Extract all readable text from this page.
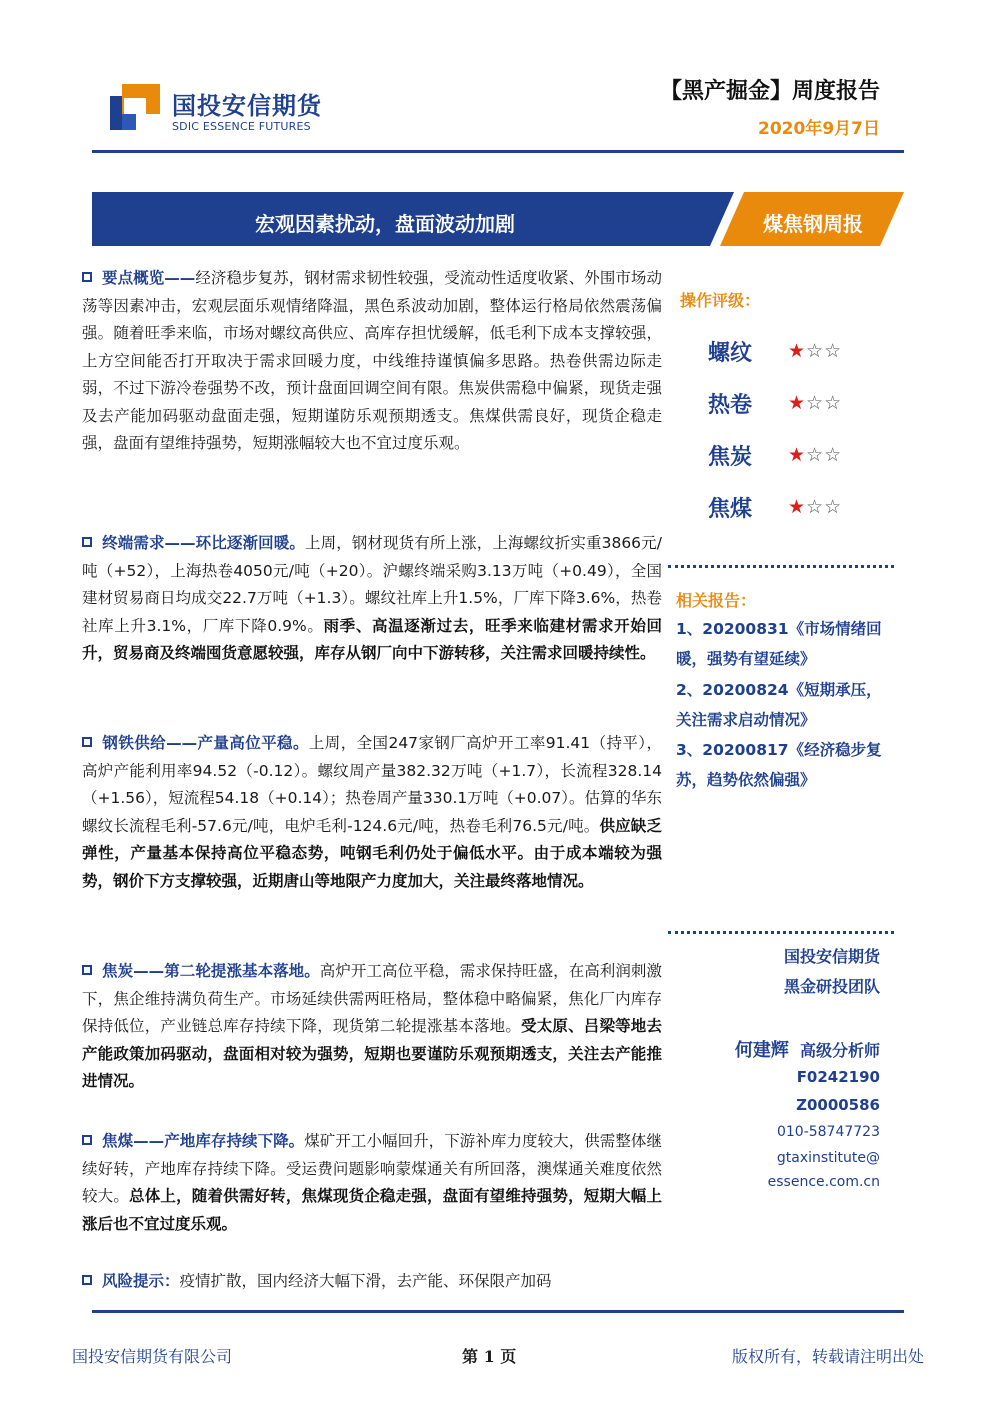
国投安信期货
SDIC ESSENCE FUTURES
【黑产掘金】周度报告
2020年9月7日
宏观因素扰动，盘面波动加剧	煤焦钢周报
要点概览——经济稳步复苏，钢材需求韧性较强，受流动性适度收紧、外围市场动荡等因素冲击，宏观层面乐观情绪降温，黑色系波动加剧，整体运行格局依然震荡偏强。随着旺季来临，市场对螺纹高供应、高库存担忧缓解，低毛利下成本支撑较强，上方空间能否打开取决于需求回暖力度，中线维持谨慎偏多思路。热卷供需边际走弱，不过下游冷卷强势不改，预计盘面回调空间有限。焦炭供需稳中偏紧，现货走强及去产能加码驱动盘面走强，短期谨防乐观预期透支。焦煤供需良好，现货企稳走强，盘面有望维持强势，短期涨幅较大也不宜过度乐观。
终端需求——环比逐渐回暖。上周，钢材现货有所上涨，上海螺纹折实重3866元/吨（+52），上海热卷4050元/吨（+20）。沪螺终端采购3.13万吨（+0.49），全国建材贸易商日均成交22.7万吨（+1.3）。螺纹社库上升1.5%，厂库下降3.6%，热卷社库上升3.1%，厂库下降0.9%。雨季、高温逐渐过去，旺季来临建材需求开始回升，贸易商及终端囤货意愿较强，库存从钢厂向中下游转移，关注需求回暖持续性。
钢铁供给——产量高位平稳。上周，全国247家钢厂高炉开工率91.41（持平），高炉产能利用率94.52（-0.12）。螺纹周产量382.32万吨（+1.7），长流程328.14（+1.56），短流程54.18（+0.14）；热卷周产量330.1万吨（+0.07）。估算的华东螺纹长流程毛利-57.6元/吨，电炉毛利-124.6元/吨，热卷毛利76.5元/吨。供应缺乏弹性，产量基本保持高位平稳态势，吨钢毛利仍处于偏低水平。由于成本端较为强势，钢价下方支撑较强，近期唐山等地限产力度加大，关注最终落地情况。
焦炭——第二轮提涨基本落地。高炉开工高位平稳，需求保持旺盛，在高利润刺激下，焦企维持满负荷生产。市场延续供需两旺格局，整体稳中略偏紧，焦化厂内库存保持低位，产业链总库存持续下降，现货第二轮提涨基本落地。受太原、吕梁等地去产能政策加码驱动，盘面相对较为强势，短期也要谨防乐观预期透支，关注去产能推进情况。
焦煤——产地库存持续下降。煤矿开工小幅回升，下游补库力度较大，供需整体继续好转，产地库存持续下降。受运费问题影响蒙煤通关有所回落，澳煤通关难度依然较大。总体上，随着供需好转，焦煤现货企稳走强，盘面有望维持强势，短期大幅上涨后也不宜过度乐观。
风险提示：疫情扩散，国内经济大幅下滑，去产能、环保限产加码
操作评级：
螺纹 ★☆☆
热卷 ★☆☆
焦炭 ★☆☆
焦煤 ★☆☆
相关报告：
1、20200831《市场情绪回暖，强势有望延续》
2、20200824《短期承压，关注需求启动情况》
3、20200817《经济稳步复苏，趋势依然偏强》
国投安信期货
黑金研投团队
何建辉 高级分析师
F0242190
Z0000586
010-58747723
gtaxinstitute@
essence.com.cn
国投安信期货有限公司	第 1 页	版权所有，转载请注明出处
